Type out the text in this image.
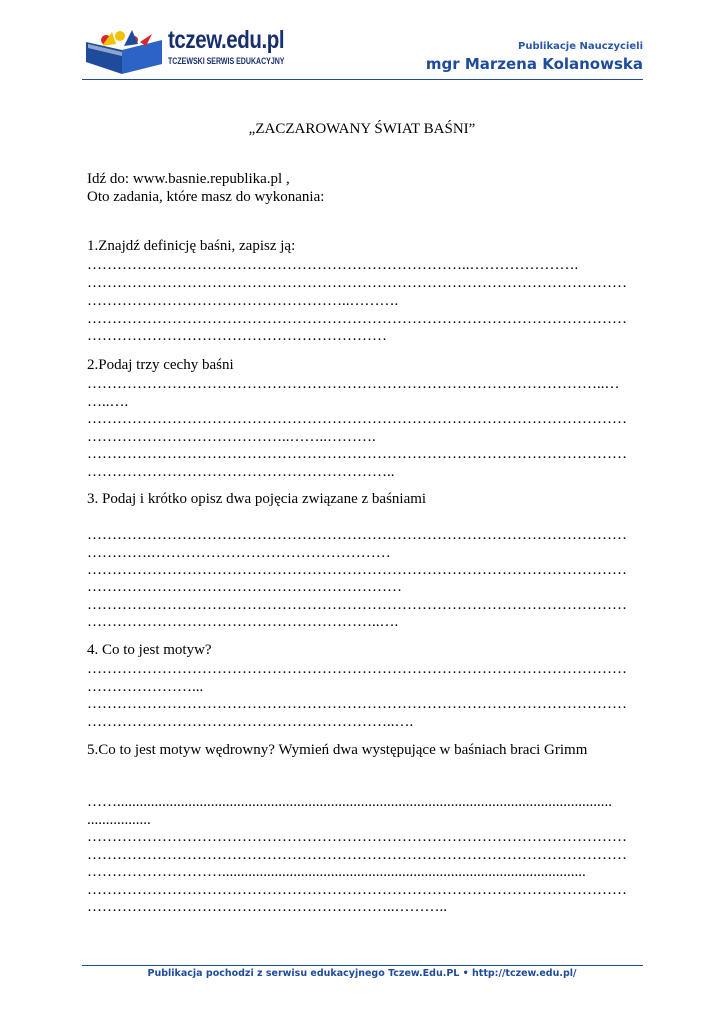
tczew.edu.pl
TCZEWSKI SERWIS EDUKACYJNY
Publikacje Nauczycieli
mgr Marzena Kolanowska
„ZACZAROWANY ŚWIAT BAŚNI”
Idź do: www.basnie.republika.pl ,
Oto zadania, które masz do wykonania:
1.Znajdź definicję baśni, zapisz ją:
…………………………………………………………………..………………….
………………………………………………………………………………………………
……………………………………………..……….
………………………………………………………………………………………………
……………………………………………………
2.Podaj trzy cechy baśni
…………………………………………………………………………………………..…
…..….
………………………………………………………………………………………………
…………………………………..……..……….
………………………………………………………………………………………………
……………………………………………………..
3. Podaj i krótko opisz dwa pojęcia związane z baśniami
………………………………………………………………………………………………
………….…………………………………………
………………………………………………………………………………………………
………………………………………………………
………………………………………………………………………………………………
…………………………………………………..….
4. Co to jest motyw?
………………………………………………………………………………………………
…………………...
………………………………………………………………………………………………
……………………………………………………..….
5.Co to jest motyw wędrowny? Wymień dwa występujące w baśniach braci Grimm
……....................................................................................................................................
.................
………………………………………………………………………………………………
………………………………………………………………………………………………
……………………….................................................................................................
………………………………………………………………………………………………
……………………………………………………..………..
Publikacja pochodzi z serwisu edukacyjnego Tczew.Edu.PL • http://tczew.edu.pl/
